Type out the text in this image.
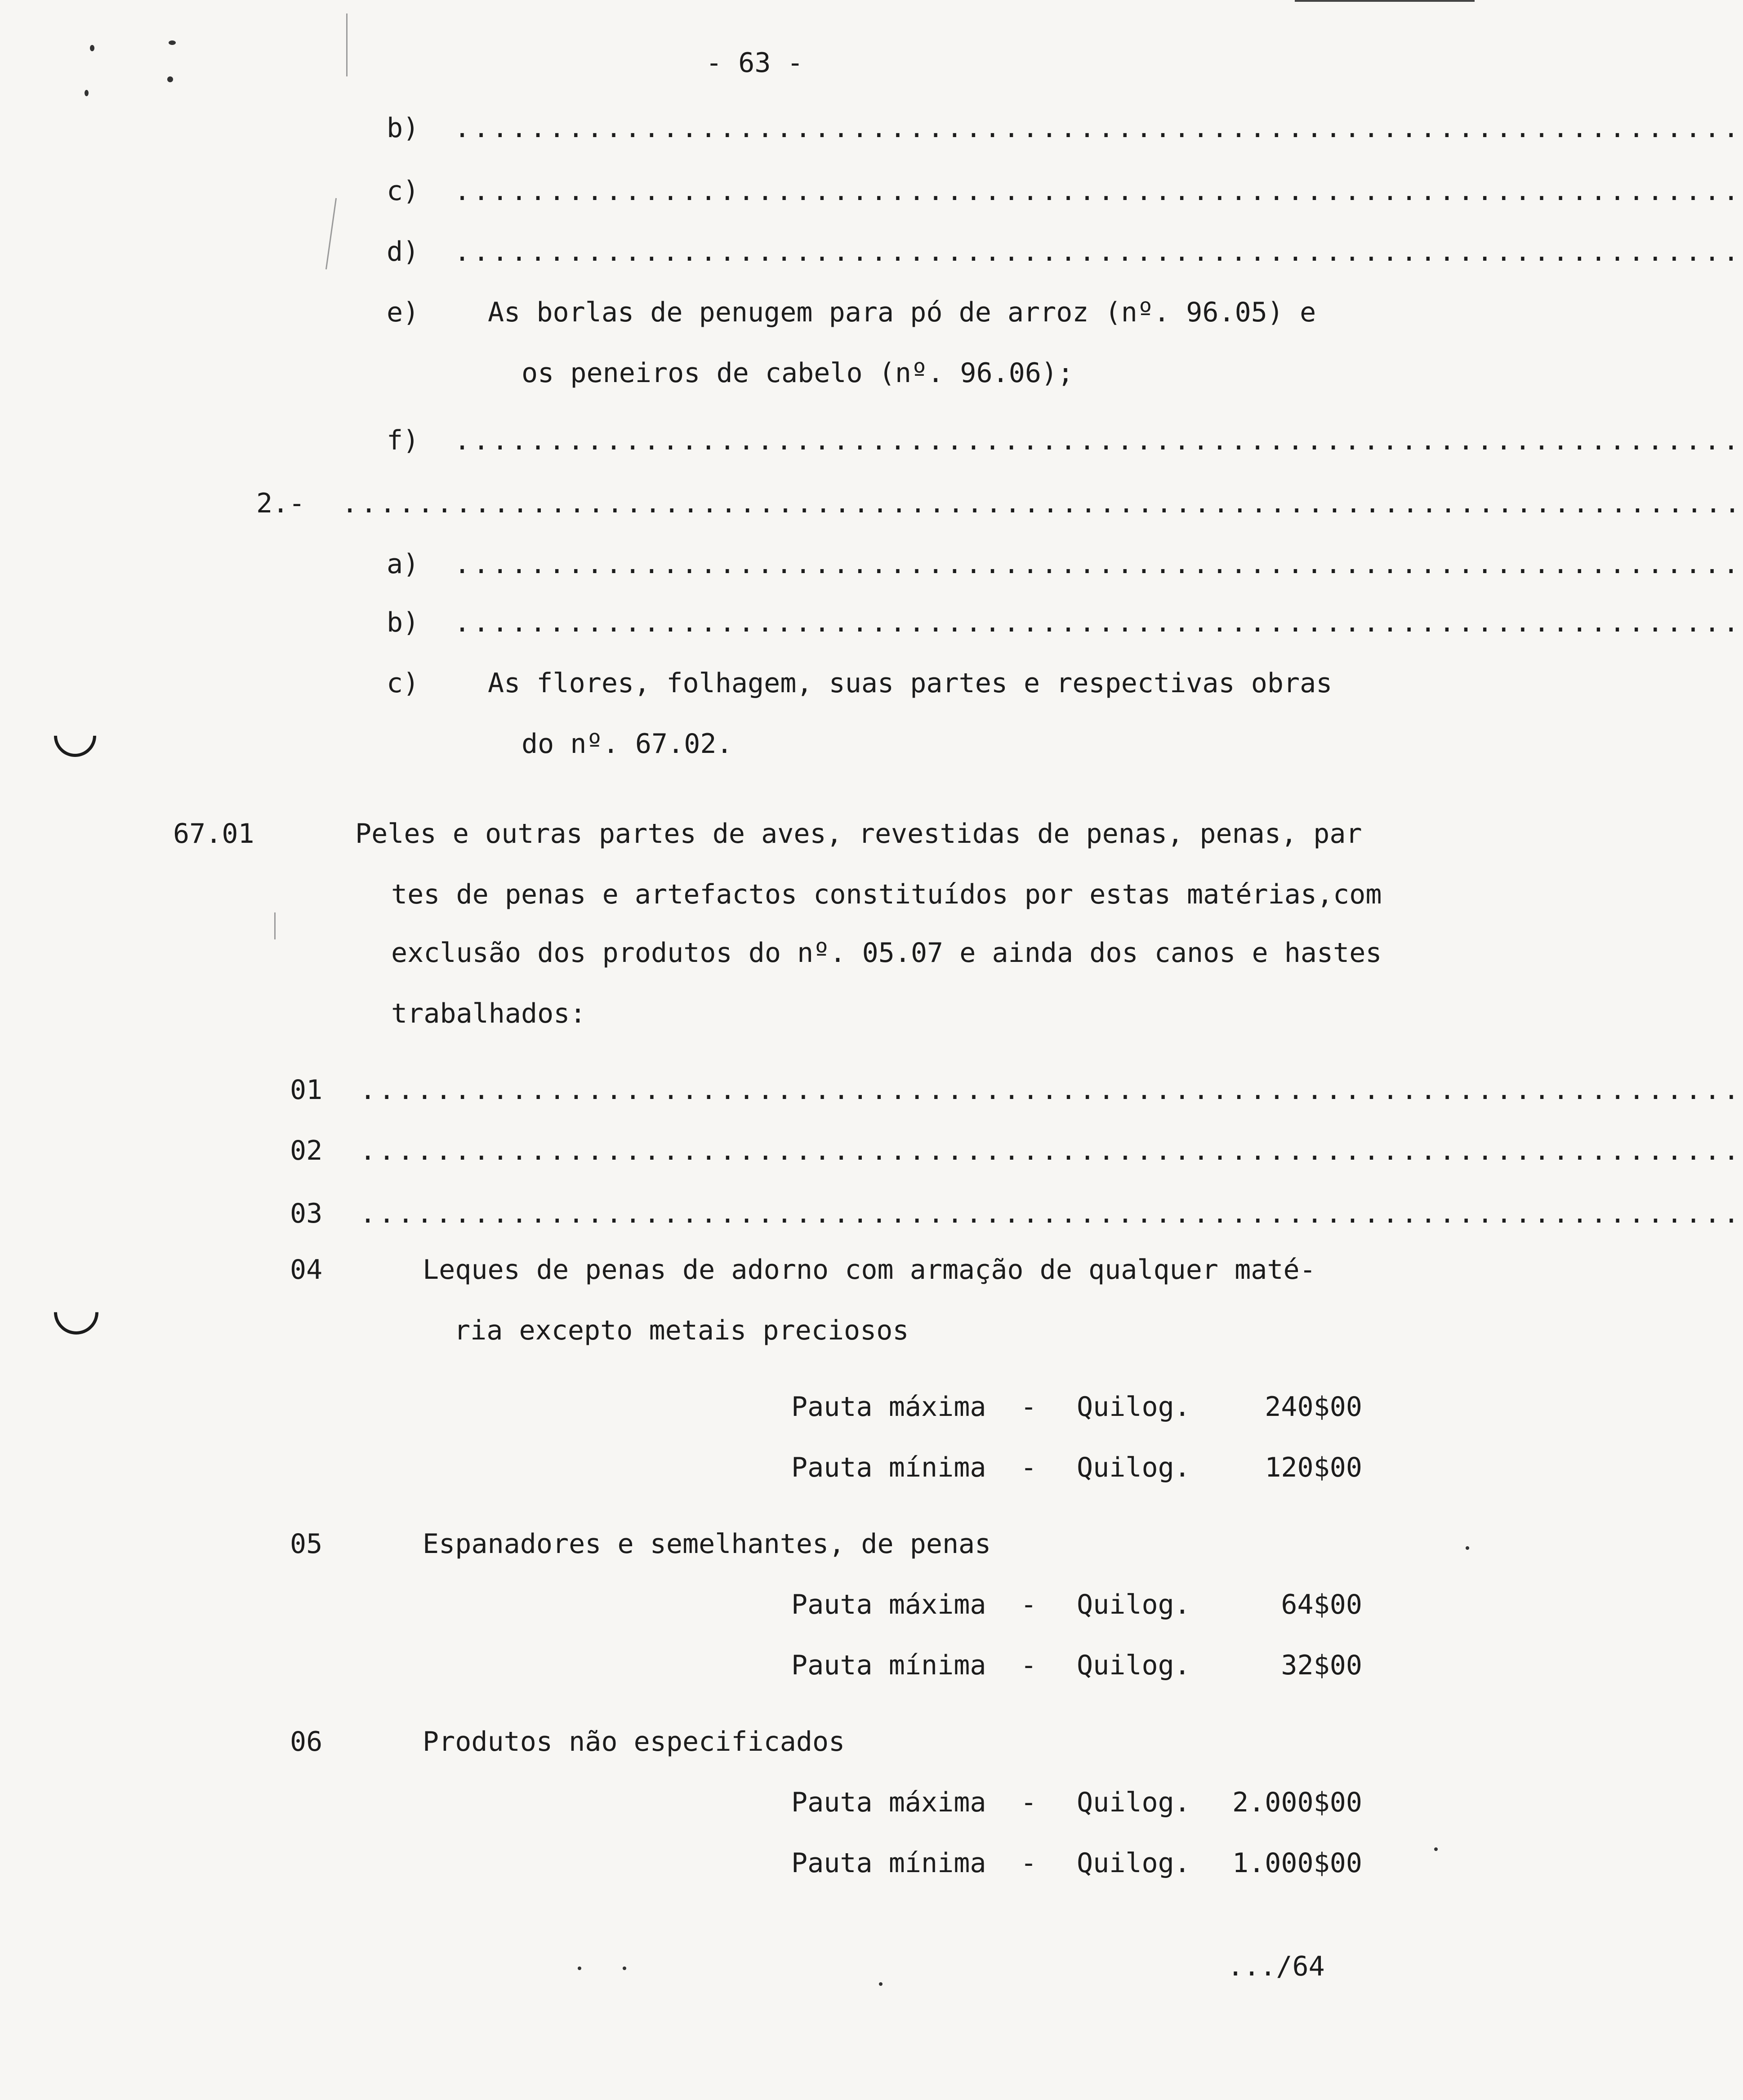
- 63 -
b) ....................................................................
c) ....................................................................
d) ....................................................................
e)	As borlas de penugem para pó de arroz (nº. 96.05) e
os peneiros de cabelo (nº. 96.06);
f) ....................................................................
2.- ..........................................................................
a) ....................................................................
b) ....................................................................
c)	As flores, folhagem, suas partes e respectivas obras
do nº. 67.02.
67.01	Peles e outras partes de aves, revestidas de penas, penas, par
tes de penas e artefactos constituídos por estas matérias,com
exclusão dos produtos do nº. 05.07 e ainda dos canos e hastes
trabalhados:
01 .........................................................................
02 .........................................................................
03 .........................................................................
04	Leques de penas de adorno com armação de qualquer maté-
ria excepto metais preciosos
Pauta máxima - Quilog.	240$00
Pauta mínima - Quilog.	120$00
05	Espanadores e semelhantes, de penas
Pauta máxima - Quilog.	64$00
Pauta mínima - Quilog.	32$00
06	Produtos não especificados
Pauta máxima - Quilog. 2.000$00
Pauta mínima - Quilog. 1.000$00
.../64
